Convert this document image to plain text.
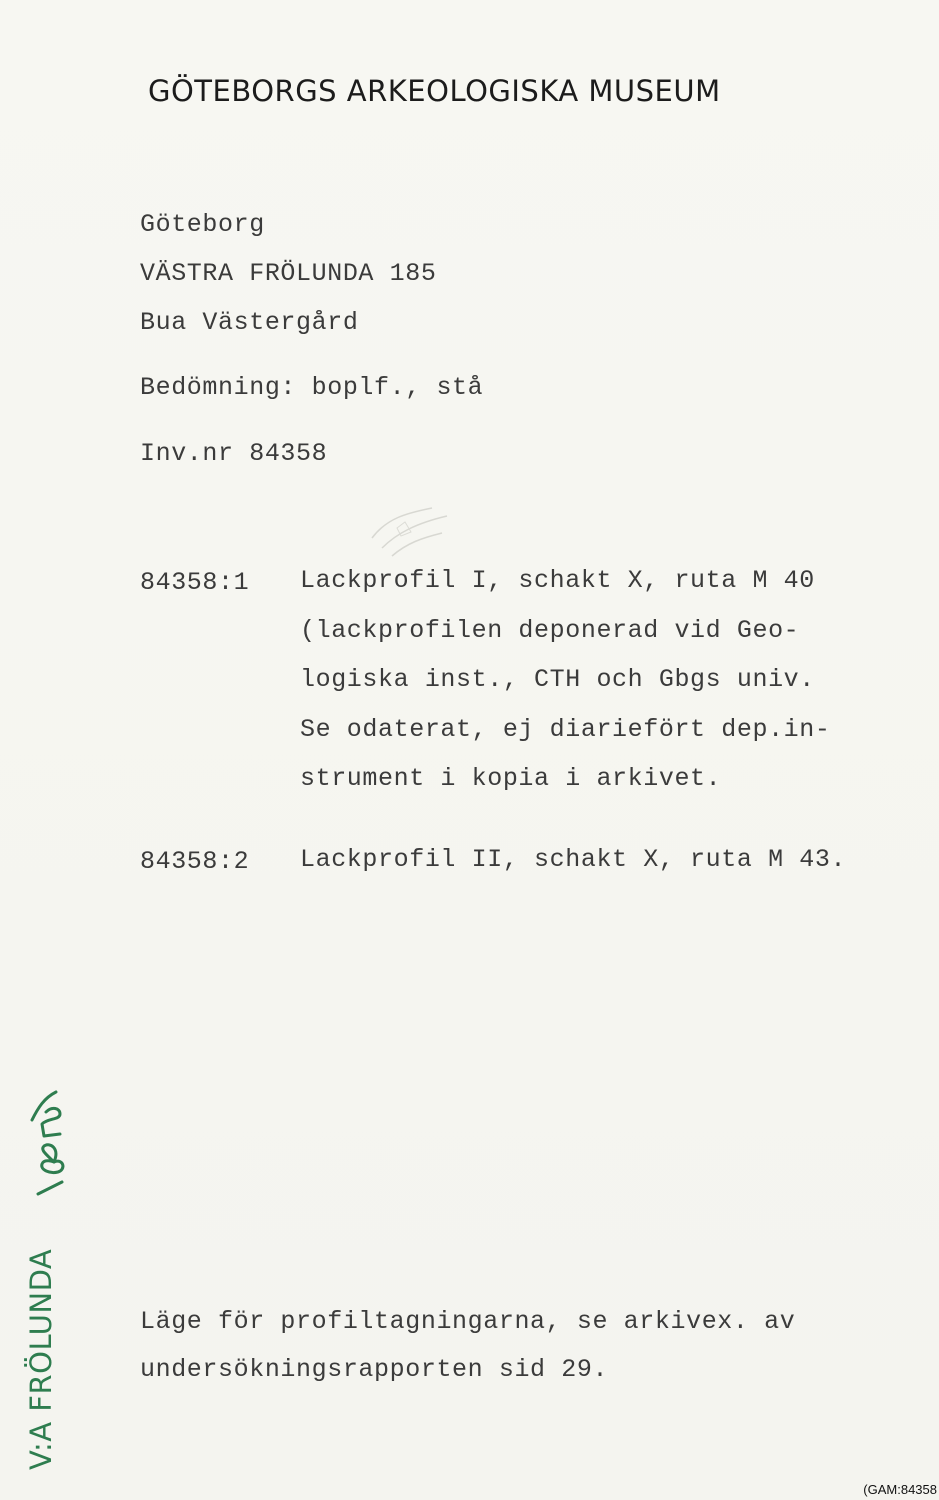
GÖTEBORGS ARKEOLOGISKA MUSEUM
Göteborg
VÄSTRA FRÖLUNDA 185
Bua Västergård
Bedömning: boplf., stå
Inv.nr 84358
84358:1 Lackprofil I, schakt X, ruta M 40
(lackprofilen deponerad vid Geo-
logiska inst., CTH och Gbgs univ.
Se odaterat, ej diariefört dep.in-
strument i kopia i arkivet.
84358:2 Lackprofil II, schakt X, ruta M 43.
Läge för profiltagningarna, se arkivex. av
undersökningsrapporten sid 29.
V:A FRÖLUNDA
(GAM:84358
